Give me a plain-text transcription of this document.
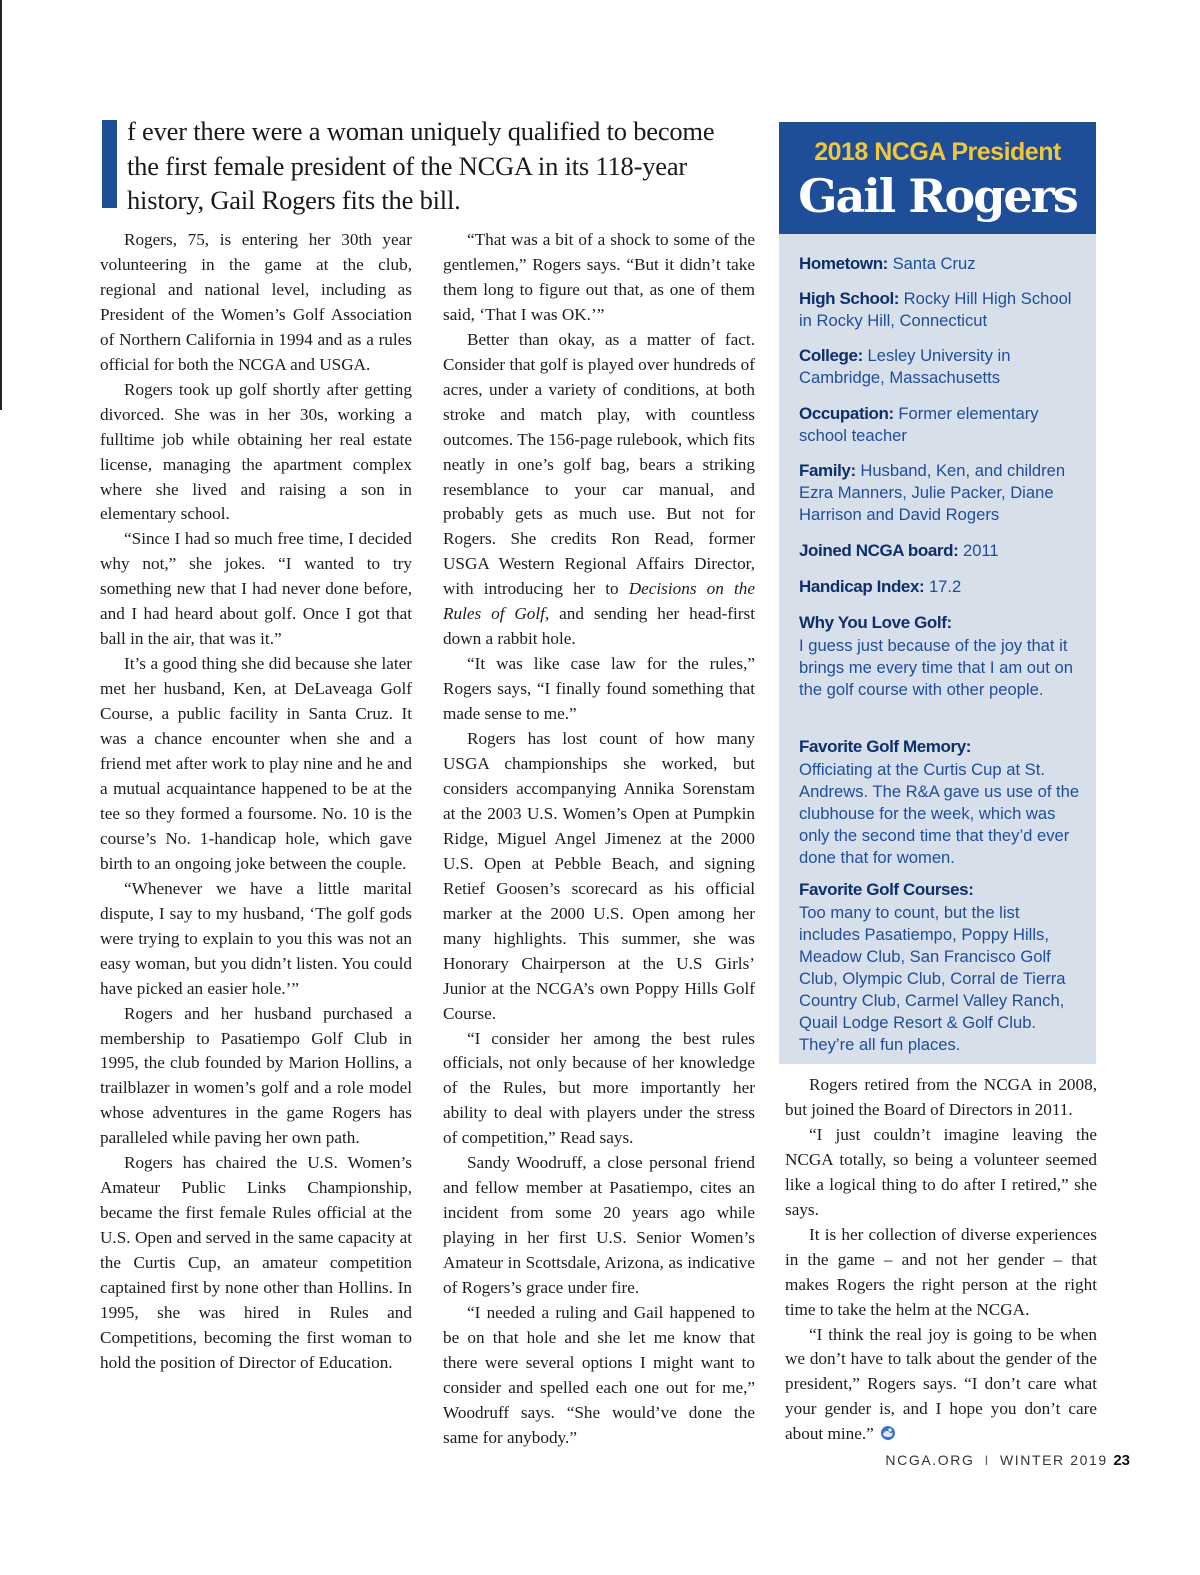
f ever there were a woman uniquely qualified to become
the first female president of the NCGA in its 118-year
history, Gail Rogers fits the bill.

Rogers, 75, is entering her 30th year volunteering in the game at the club, regional and national level, including as President of the Women’s Golf Association of Northern California in 1994 and as a rules official for both the NCGA and USGA.

Rogers took up golf shortly after getting divorced. She was in her 30s, working a fulltime job while obtaining her real estate license, managing the apartment complex where she lived and raising a son in elementary school.

“Since I had so much free time, I decided why not,” she jokes. “I wanted to try something new that I had never done before, and I had heard about golf. Once I got that ball in the air, that was it.”

It’s a good thing she did because she later met her husband, Ken, at DeLaveaga Golf Course, a public facility in Santa Cruz. It was a chance encounter when she and a friend met after work to play nine and he and a mutual acquaintance happened to be at the tee so they formed a foursome. No. 10 is the course’s No. 1-handicap hole, which gave birth to an ongoing joke between the couple.

“Whenever we have a little marital dispute, I say to my husband, ‘The golf gods were trying to explain to you this was not an easy woman, but you didn’t listen. You could have picked an easier hole.’”

Rogers and her husband purchased a membership to Pasatiempo Golf Club in 1995, the club founded by Marion Hollins, a trailblazer in women’s golf and a role model whose adventures in the game Rogers has paralleled while paving her own path.

Rogers has chaired the U.S. Women’s Amateur Public Links Championship, became the first female Rules official at the U.S. Open and served in the same capacity at the Curtis Cup, an amateur competition captained first by none other than Hollins. In 1995, she was hired in Rules and Competitions, becoming the first woman to hold the position of Director of Education.

“That was a bit of a shock to some of the gentlemen,” Rogers says. “But it didn’t take them long to figure out that, as one of them said, ‘That I was OK.’”

Better than okay, as a matter of fact. Consider that golf is played over hundreds of acres, under a variety of conditions, at both stroke and match play, with countless outcomes. The 156-page rulebook, which fits neatly in one’s golf bag, bears a striking resemblance to your car manual, and probably gets as much use. But not for Rogers. She credits Ron Read, former USGA Western Regional Affairs Director, with introducing her to Decisions on the Rules of Golf, and sending her head-first down a rabbit hole.

“It was like case law for the rules,” Rogers says, “I finally found something that made sense to me.”

Rogers has lost count of how many USGA championships she worked, but considers accompanying Annika Sorenstam at the 2003 U.S. Women’s Open at Pumpkin Ridge, Miguel Angel Jimenez at the 2000 U.S. Open at Pebble Beach, and signing Retief Goosen’s scorecard as his official marker at the 2000 U.S. Open among her many highlights. This summer, she was Honorary Chairperson at the U.S Girls’ Junior at the NCGA’s own Poppy Hills Golf Course.

“I consider her among the best rules officials, not only because of her knowledge of the Rules, but more importantly her ability to deal with players under the stress of competition,” Read says.

Sandy Woodruff, a close personal friend and fellow member at Pasatiempo, cites an incident from some 20 years ago while playing in her first U.S. Senior Women’s Amateur in Scottsdale, Arizona, as indicative of Rogers’s grace under fire.

“I needed a ruling and Gail happened to be on that hole and she let me know that there were several options I might want to consider and spelled each one out for me,” Woodruff says. “She would’ve done the same for anybody.”

2018 NCGA President
Gail Rogers
Hometown: Santa Cruz
High School: Rocky Hill High School in Rocky Hill, Connecticut
College: Lesley University in Cambridge, Massachusetts
Occupation: Former elementary school teacher
Family: Husband, Ken, and children Ezra Manners, Julie Packer, Diane Harrison and David Rogers
Joined NCGA board: 2011
Handicap Index: 17.2
Why You Love Golf:
I guess just because of the joy that it brings me every time that I am out on the golf course with other people.
Favorite Golf Memory:
Officiating at the Curtis Cup at St. Andrews. The R&A gave us use of the clubhouse for the week, which was only the second time that they’d ever done that for women.
Favorite Golf Courses:
Too many to count, but the list includes Pasatiempo, Poppy Hills, Meadow Club, San Francisco Golf Club, Olympic Club, Corral de Tierra Country Club, Carmel Valley Ranch, Quail Lodge Resort & Golf Club. They’re all fun places.

Rogers retired from the NCGA in 2008, but joined the Board of Directors in 2011.

“I just couldn’t imagine leaving the NCGA totally, so being a volunteer seemed like a logical thing to do after I retired,” she says.

It is her collection of diverse experiences in the game – and not her gender – that makes Rogers the right person at the right time to take the helm at the NCGA.

“I think the real joy is going to be when we don’t have to talk about the gender of the president,” Rogers says. “I don’t care what your gender is, and I hope you don’t care about mine.”

NCGA.ORG I WINTER 2019 23
